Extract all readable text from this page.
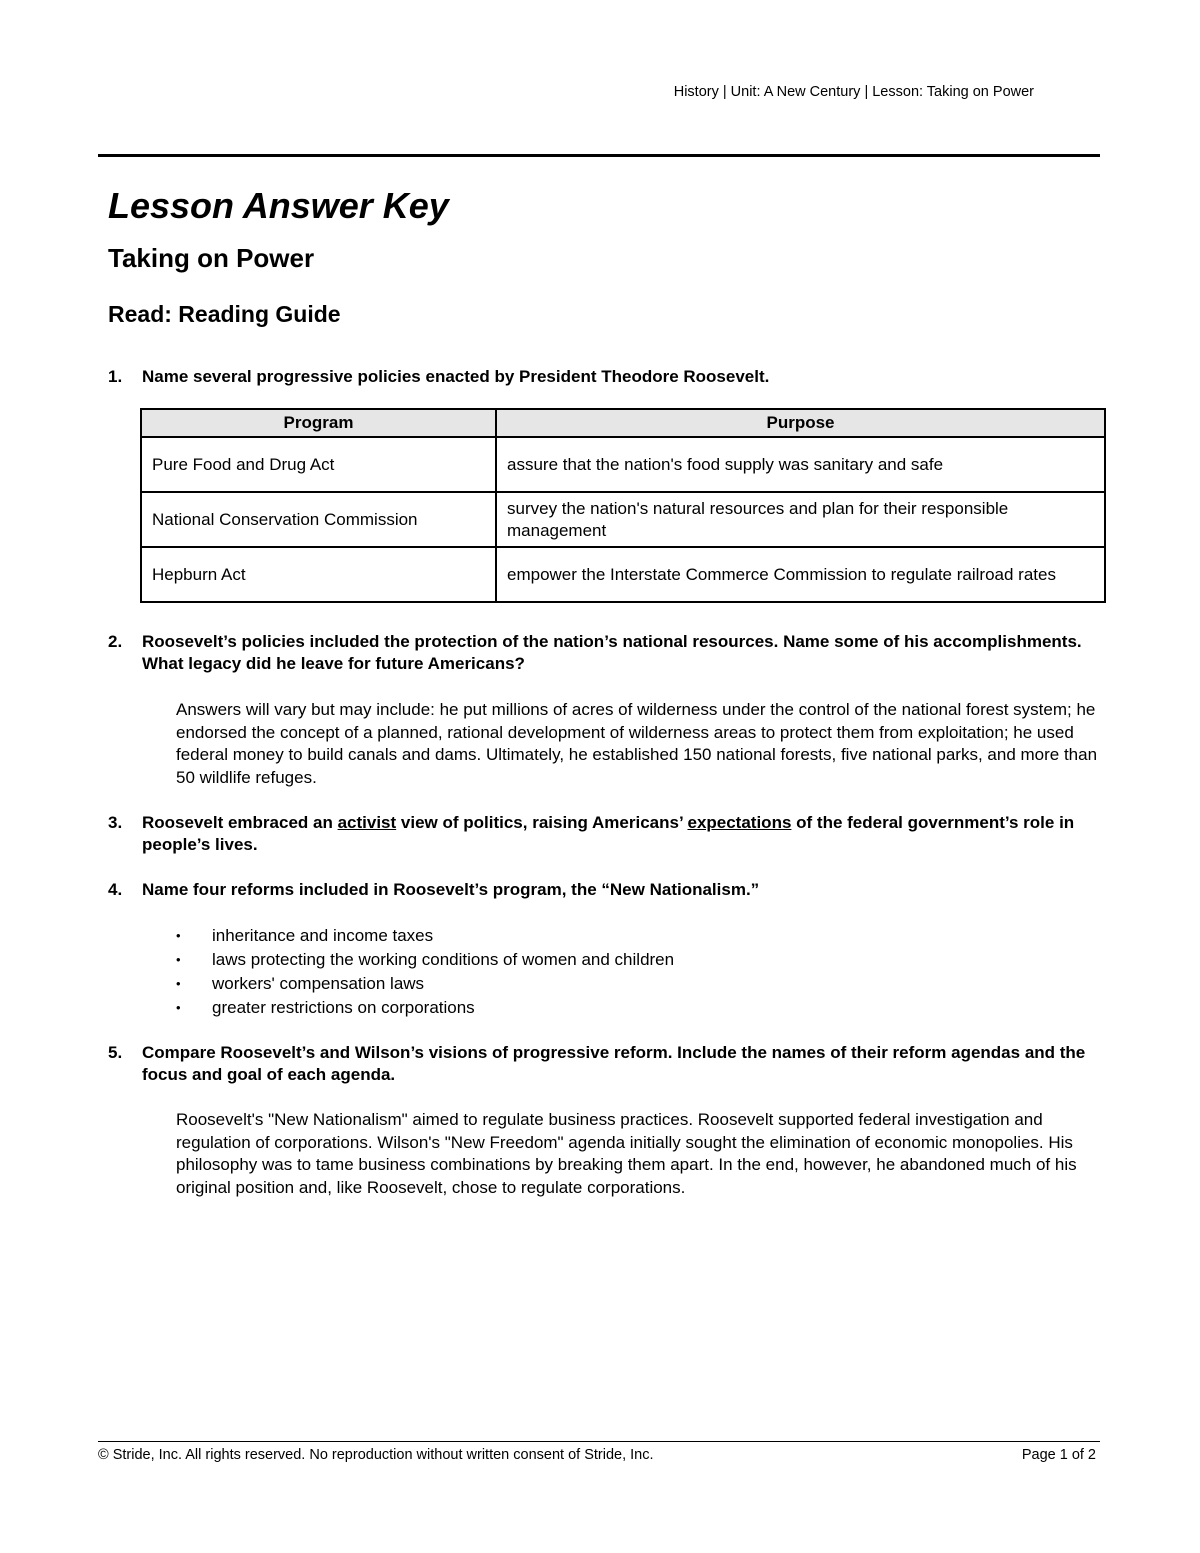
History | Unit: A New Century | Lesson: Taking on Power
Lesson Answer Key
Taking on Power
Read: Reading Guide
1. Name several progressive policies enacted by President Theodore Roosevelt.
Program	Purpose
Pure Food and Drug Act	assure that the nation's food supply was sanitary and safe
National Conservation Commission	survey the nation's natural resources and plan for their responsible management
Hepburn Act	empower the Interstate Commerce Commission to regulate railroad rates
2. Roosevelt’s policies included the protection of the nation’s national resources. Name some of his accomplishments. What legacy did he leave for future Americans?
Answers will vary but may include: he put millions of acres of wilderness under the control of the national forest system; he endorsed the concept of a planned, rational development of wilderness areas to protect them from exploitation; he used federal money to build canals and dams. Ultimately, he established 150 national forests, five national parks, and more than 50 wildlife refuges.
3. Roosevelt embraced an activist view of politics, raising Americans’ expectations of the federal government’s role in people’s lives.
4. Name four reforms included in Roosevelt’s program, the “New Nationalism.”
• inheritance and income taxes
• laws protecting the working conditions of women and children
• workers' compensation laws
• greater restrictions on corporations
5. Compare Roosevelt’s and Wilson’s visions of progressive reform. Include the names of their reform agendas and the focus and goal of each agenda.
Roosevelt's "New Nationalism" aimed to regulate business practices. Roosevelt supported federal investigation and regulation of corporations. Wilson's "New Freedom" agenda initially sought the elimination of economic monopolies. His philosophy was to tame business combinations by breaking them apart. In the end, however, he abandoned much of his original position and, like Roosevelt, chose to regulate corporations.
© Stride, Inc. All rights reserved. No reproduction without written consent of Stride, Inc.	Page 1 of 2
